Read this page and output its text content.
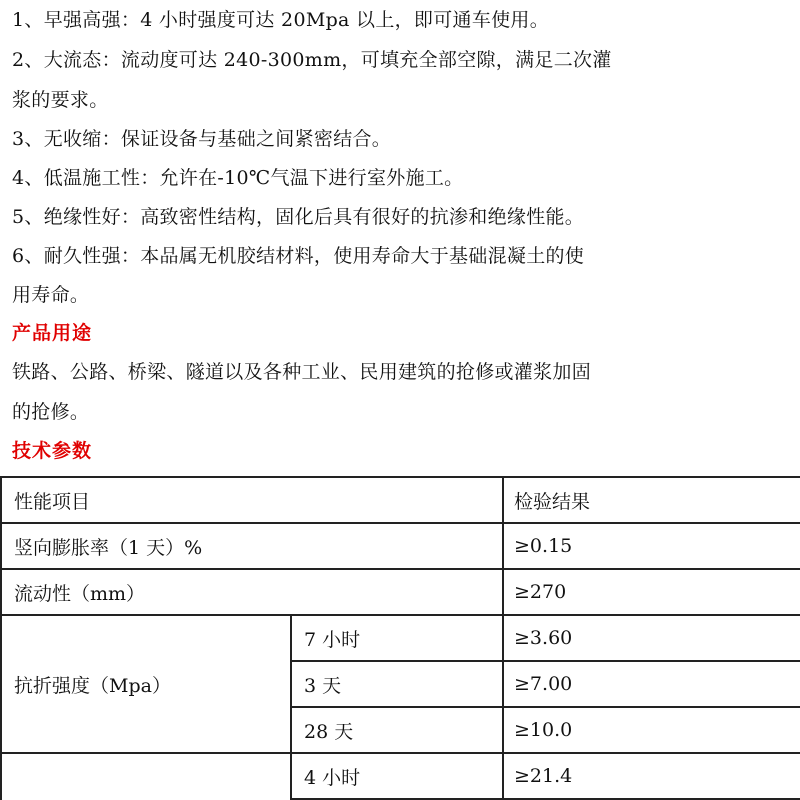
1、早强高强：4 小时强度可达 20Mpa 以上，即可通车使用。
2、大流态：流动度可达 240-300mm，可填充全部空隙，满足二次灌
浆的要求。
3、无收缩：保证设备与基础之间紧密结合。
4、低温施工性：允许在-10℃气温下进行室外施工。
5、绝缘性好：高致密性结构，固化后具有很好的抗渗和绝缘性能。
6、耐久性强：本品属无机胶结材料，使用寿命大于基础混凝土的使
用寿命。
产品用途
铁路、公路、桥梁、隧道以及各种工业、民用建筑的抢修或灌浆加固
的抢修。
技术参数
性能项目		检验结果
竖向膨胀率（1 天）%		≥0.15
流动性（mm）		≥270
抗折强度（Mpa）	7 小时	≥3.60
	3 天	≥7.00
	28 天	≥10.0
	4 小时	≥21.4
